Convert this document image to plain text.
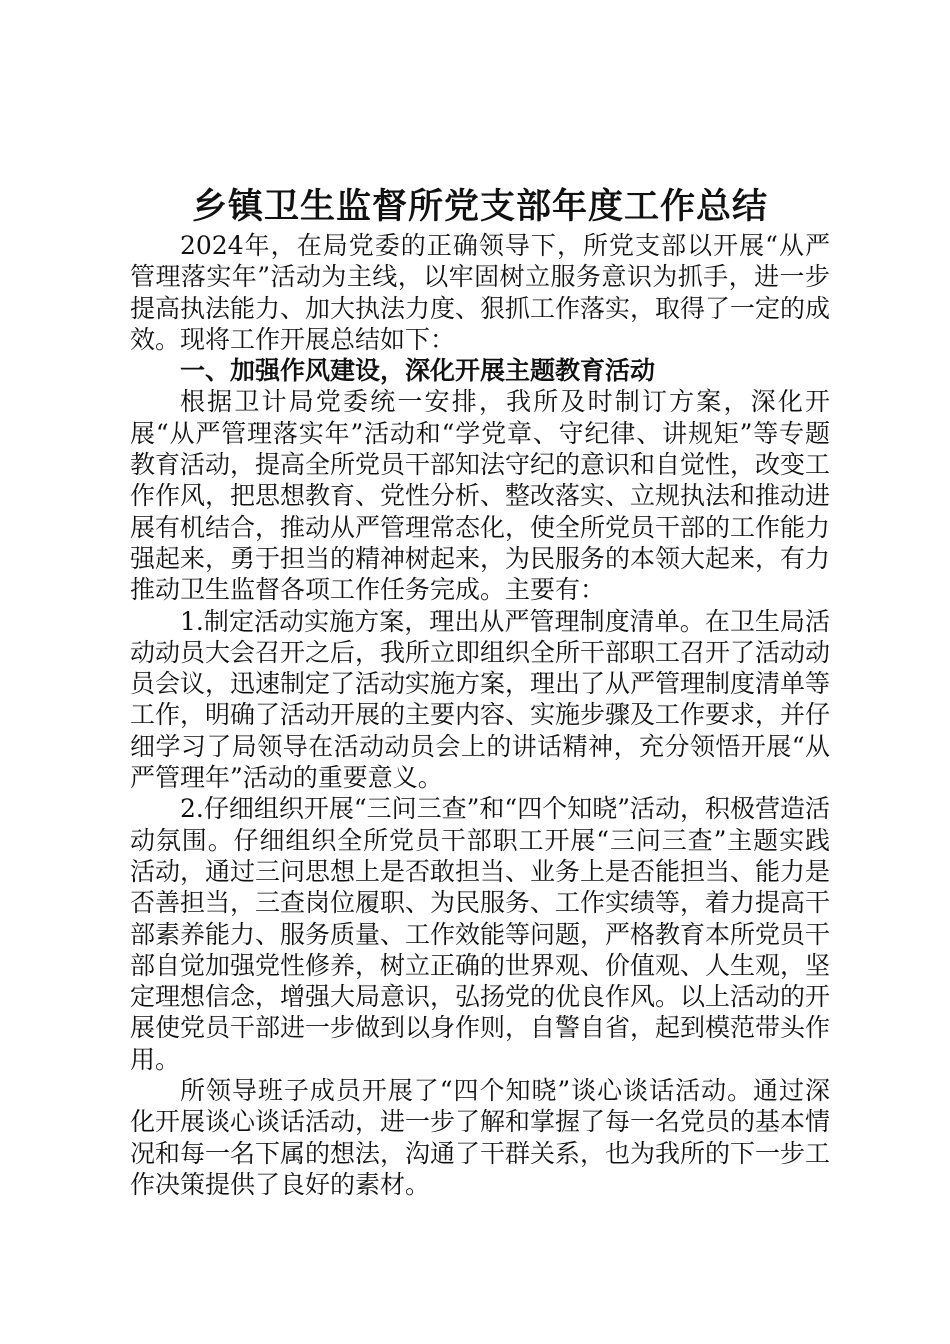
乡镇卫生监督所党支部年度工作总结

2024年，在局党委的正确领导下，所党支部以开展“从严管理落实年”活动为主线，以牢固树立服务意识为抓手，进一步提高执法能力、加大执法力度、狠抓工作落实，取得了一定的成效。现将工作开展总结如下：

一、加强作风建设，深化开展主题教育活动

根据卫计局党委统一安排，我所及时制订方案，深化开展“从严管理落实年”活动和“学党章、守纪律、讲规矩”等专题教育活动，提高全所党员干部知法守纪的意识和自觉性，改变工作作风，把思想教育、党性分析、整改落实、立规执法和推动进展有机结合，推动从严管理常态化，使全所党员干部的工作能力强起来，勇于担当的精神树起来，为民服务的本领大起来，有力推动卫生监督各项工作任务完成。主要有：

1.制定活动实施方案，理出从严管理制度清单。在卫生局活动动员大会召开之后，我所立即组织全所干部职工召开了活动动员会议，迅速制定了活动实施方案，理出了从严管理制度清单等工作，明确了活动开展的主要内容、实施步骤及工作要求，并仔细学习了局领导在活动动员会上的讲话精神，充分领悟开展“从严管理年”活动的重要意义。

2.仔细组织开展“三问三查”和“四个知晓”活动，积极营造活动氛围。仔细组织全所党员干部职工开展“三问三查”主题实践活动，通过三问思想上是否敢担当、业务上是否能担当、能力是否善担当，三查岗位履职、为民服务、工作实绩等，着力提高干部素养能力、服务质量、工作效能等问题，严格教育本所党员干部自觉加强党性修养，树立正确的世界观、价值观、人生观，坚定理想信念，增强大局意识，弘扬党的优良作风。以上活动的开展使党员干部进一步做到以身作则，自警自省，起到模范带头作用。

所领导班子成员开展了“四个知晓”谈心谈话活动。通过深化开展谈心谈话活动，进一步了解和掌握了每一名党员的基本情况和每一名下属的想法，沟通了干群关系，也为我所的下一步工作决策提供了良好的素材。
